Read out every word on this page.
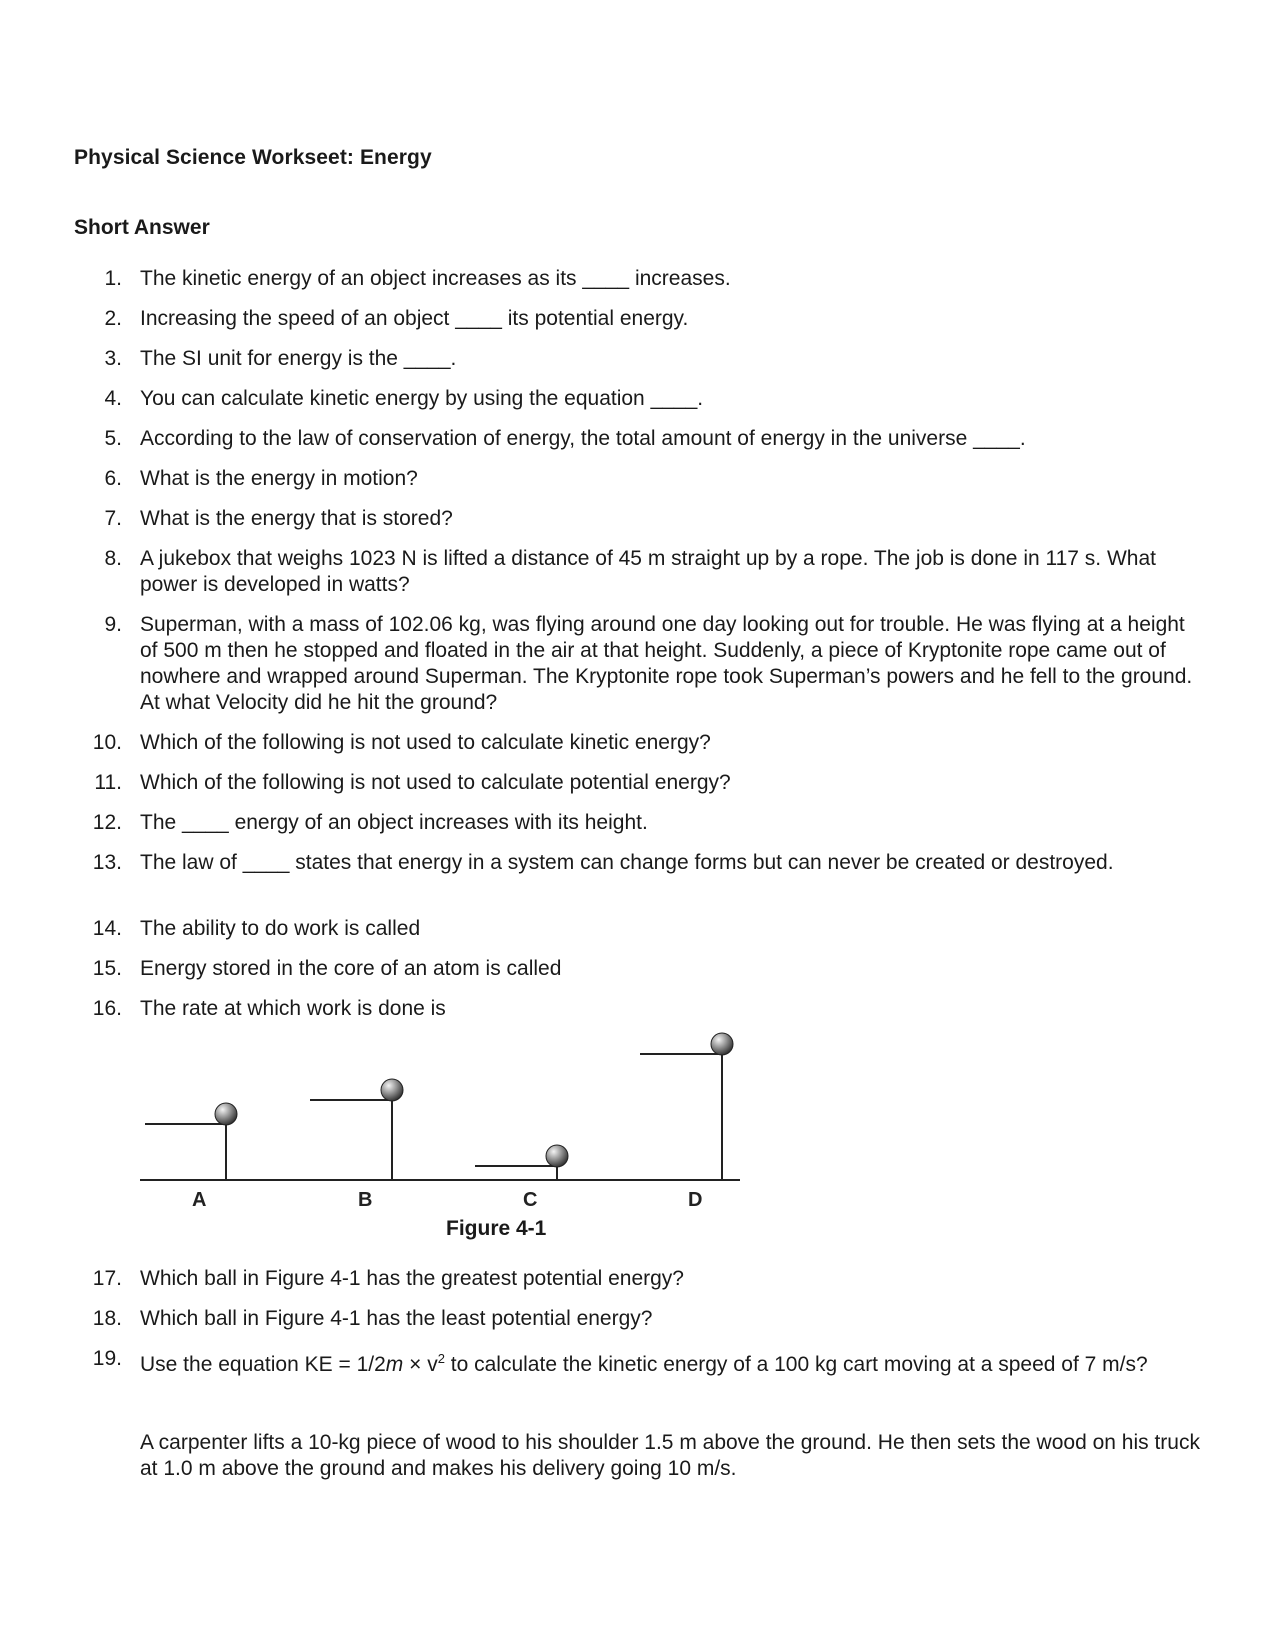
Physical Science Workseet: Energy
Short Answer
1. The kinetic energy of an object increases as its ____ increases.
2. Increasing the speed of an object ____ its potential energy.
3. The SI unit for energy is the ____.
4. You can calculate kinetic energy by using the equation ____.
5. According to the law of conservation of energy, the total amount of energy in the universe ____.
6. What is the energy in motion?
7. What is the energy that is stored?
8. A jukebox that weighs 1023 N is lifted a distance of 45 m straight up by a rope. The job is done in 117 s. What power is developed in watts?
9. Superman, with a mass of 102.06 kg, was flying around one day looking out for trouble. He was flying at a height of 500 m then he stopped and floated in the air at that height. Suddenly, a piece of Kryptonite rope came out of nowhere and wrapped around Superman. The Kryptonite rope took Superman’s powers and he fell to the ground. At what Velocity did he hit the ground?
10. Which of the following is not used to calculate kinetic energy?
11. Which of the following is not used to calculate potential energy?
12. The ____ energy of an object increases with its height.
13. The law of ____ states that energy in a system can change forms but can never be created or destroyed.
14. The ability to do work is called
15. Energy stored in the core of an atom is called
16. The rate at which work is done is
A	B	C	D
Figure 4-1
17. Which ball in Figure 4-1 has the greatest potential energy?
18. Which ball in Figure 4-1 has the least potential energy?
19. Use the equation KE = $1/2m \times v^2$ to calculate the kinetic energy of a 100 kg cart moving at a speed of 7 m/s?
A carpenter lifts a 10-kg piece of wood to his shoulder 1.5 m above the ground. He then sets the wood on his truck at 1.0 m above the ground and makes his delivery going 10 m/s.
